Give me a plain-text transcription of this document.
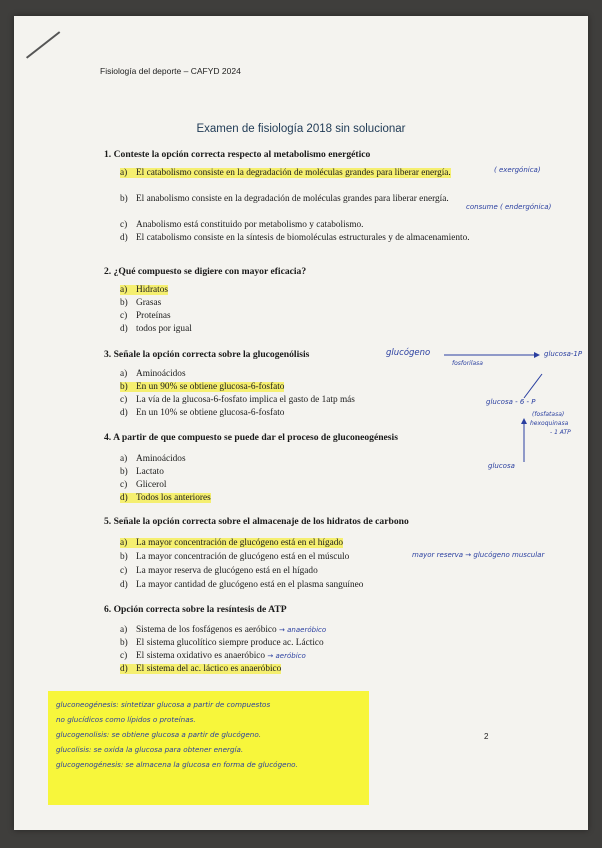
Fisiología del deporte – CAFYD 2024
Examen de fisiología 2018 sin solucionar
1. Conteste la opción correcta respecto al metabolismo energético
a) El catabolismo consiste en la degradación de moléculas grandes para liberar energía.
b) El anabolismo consiste en la degradación de moléculas grandes para liberar energía.
c) Anabolismo está constituido por metabolismo y catabolismo.
d) El catabolismo consiste en la síntesis de biomoléculas estructurales y de almacenamiento.
( exergónica)
consume ( endergónica)
2. ¿Qué compuesto se digiere con mayor eficacia?
a) Hidratos
b) Grasas
c) Proteínas
d) todos por igual
3. Señale la opción correcta sobre la glucogenólisis
a) Aminoácidos
b) En un 90% se obtiene glucosa-6-fosfato
c) La vía de la glucosa-6-fosfato implica el gasto de 1atp más
d) En un 10% se obtiene glucosa-6-fosfato
glucógeno
fosforilasa
glucosa-1P
glucosa - 6 - P
(fosfatasa)
hexoquinasa
- 1 ATP
glucosa
4. A partir de que compuesto se puede dar el proceso de gluconeogénesis
a) Aminoácidos
b) Lactato
c) Glicerol
d) Todos los anteriores
5. Señale la opción correcta sobre el almacenaje de los hidratos de carbono
a) La mayor concentración de glucógeno está en el hígado
b) La mayor concentración de glucógeno está en el músculo
c) La mayor reserva de glucógeno está en el hígado
d) La mayor cantidad de glucógeno está en el plasma sanguíneo
mayor reserva → glucógeno muscular
6. Opción correcta sobre la resíntesis de ATP
a) Sistema de los fosfágenos es aeróbico → anaeróbico
b) El sistema glucolítico siempre produce ac. Láctico
c) El sistema oxidativo es anaeróbico → aeróbico
d) El sistema del ac. láctico es anaeróbico
2
gluconeogénesis: sintetizar glucosa a partir de compuestos
no glucídicos como lípidos o proteínas.
glucogenolisis: se obtiene glucosa a partir de glucógeno.
glucolisis: se oxida la glucosa para obtener energía.
glucogenogénesis: se almacena la glucosa en forma de glucógeno.
